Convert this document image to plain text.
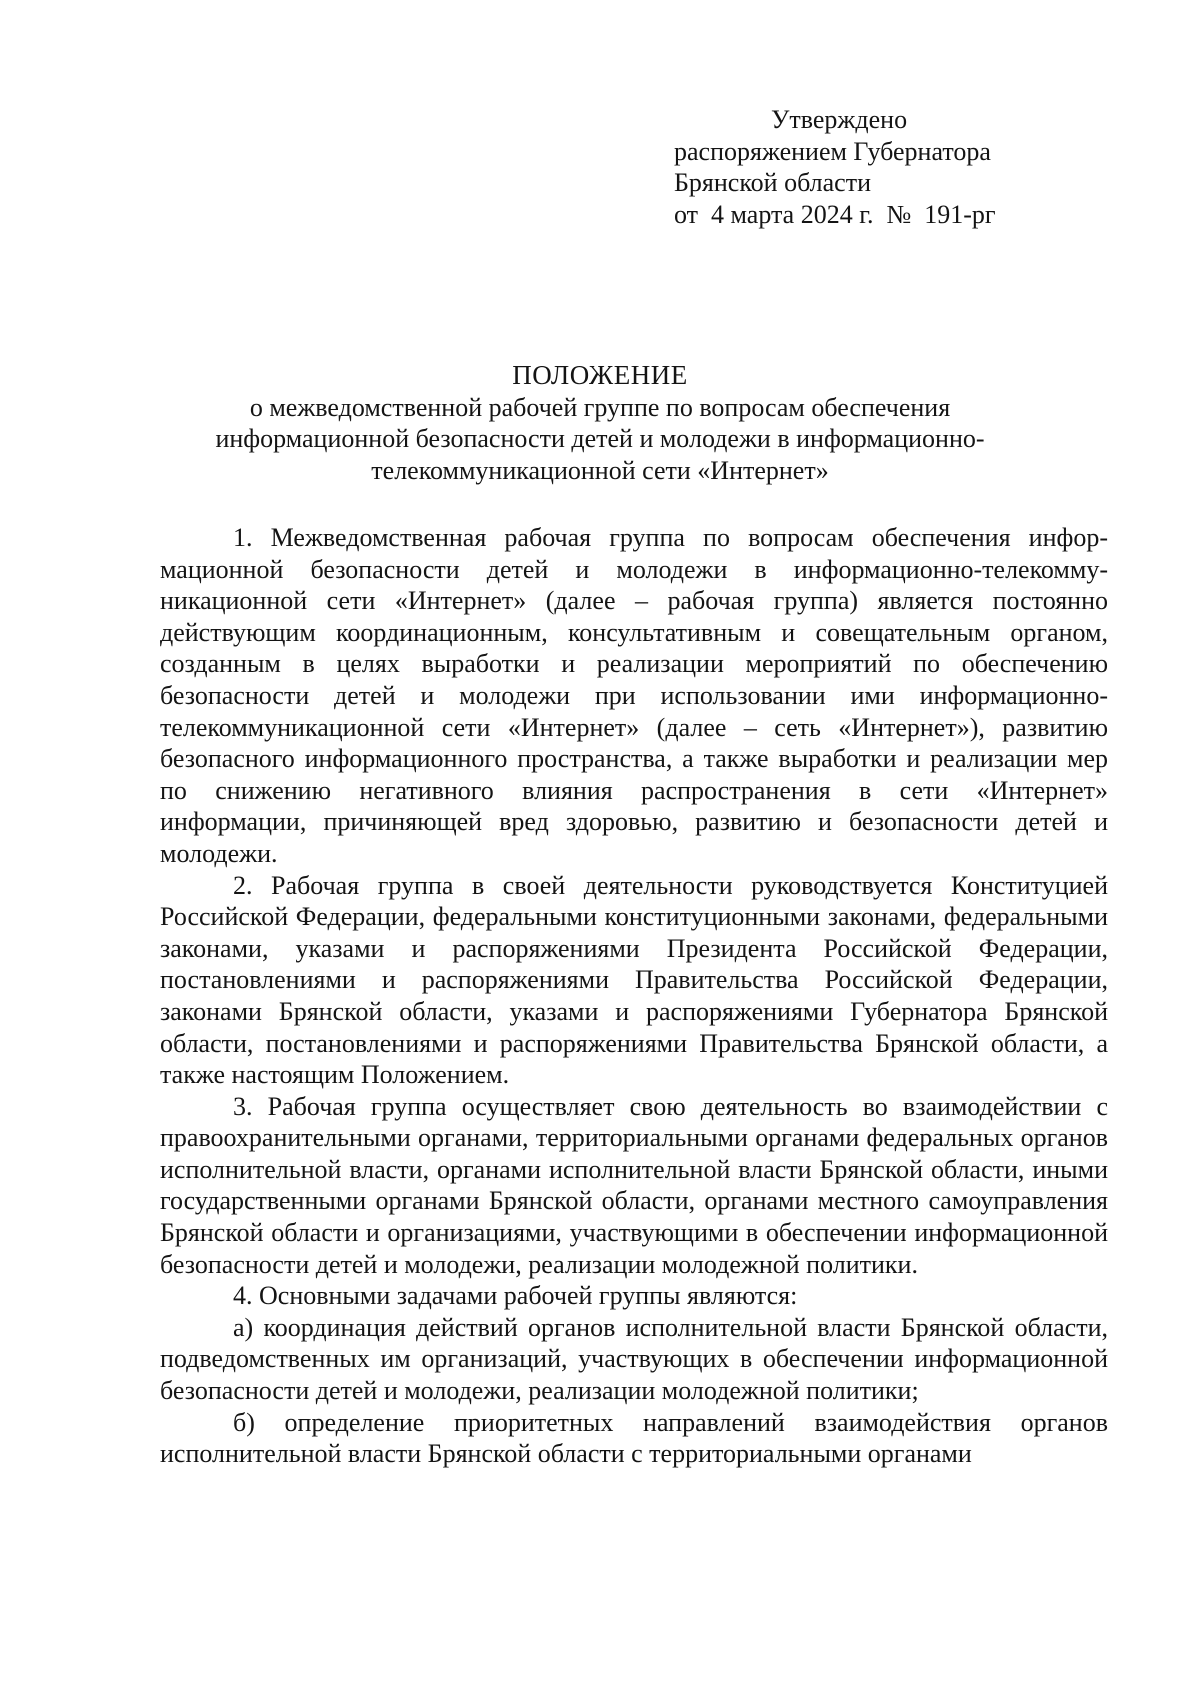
Утверждено
распоряжением Губернатора
Брянской области
от  4 марта 2024 г.  №  191-рг
ПОЛОЖЕНИЕ
о межведомственной рабочей группе по вопросам обеспечения
информационной безопасности детей и молодежи в информационно-
телекоммуникационной сети «Интернет»

1. Межведомственная рабочая группа по вопросам обеспечения информационной безопасности детей и молодежи в информационно-телекоммуникационной сети «Интернет» (далее – рабочая группа) является постоянно действующим координационным, консультативным и совещательным органом, созданным в целях выработки и реализации мероприятий по обеспечению безопасности детей и молодежи при использовании ими информационно-телекоммуникационной сети «Интернет» (далее – сеть «Интернет»), развитию безопасного информационного пространства, а также выработки и реализации мер по снижению негативного влияния распространения в сети «Интернет» информации, причиняющей вред здоровью, развитию и безопасности детей и молодежи.

2. Рабочая группа в своей деятельности руководствуется Конституцией Российской Федерации, федеральными конституционными законами, федеральными законами, указами и распоряжениями Президента Российской Федерации, постановлениями и распоряжениями Правительства Российской Федерации, законами Брянской области, указами и распоряжениями Губернатора Брянской области, постановлениями и распоряжениями Правительства Брянской области, а также настоящим Положением.

3. Рабочая группа осуществляет свою деятельность во взаимодействии с правоохранительными органами, территориальными органами федеральных органов исполнительной власти, органами исполнительной власти Брянской области, иными государственными органами Брянской области, органами местного самоуправления Брянской области и организациями, участвующими в обеспечении информационной безопасности детей и молодежи, реализации молодежной политики.

4. Основными задачами рабочей группы являются:

а) координация действий органов исполнительной власти Брянской области, подведомственных им организаций, участвующих в обеспечении информационной безопасности детей и молодежи, реализации молодежной политики;

б) определение приоритетных направлений взаимодействия органов исполнительной власти Брянской области с территориальными органами
